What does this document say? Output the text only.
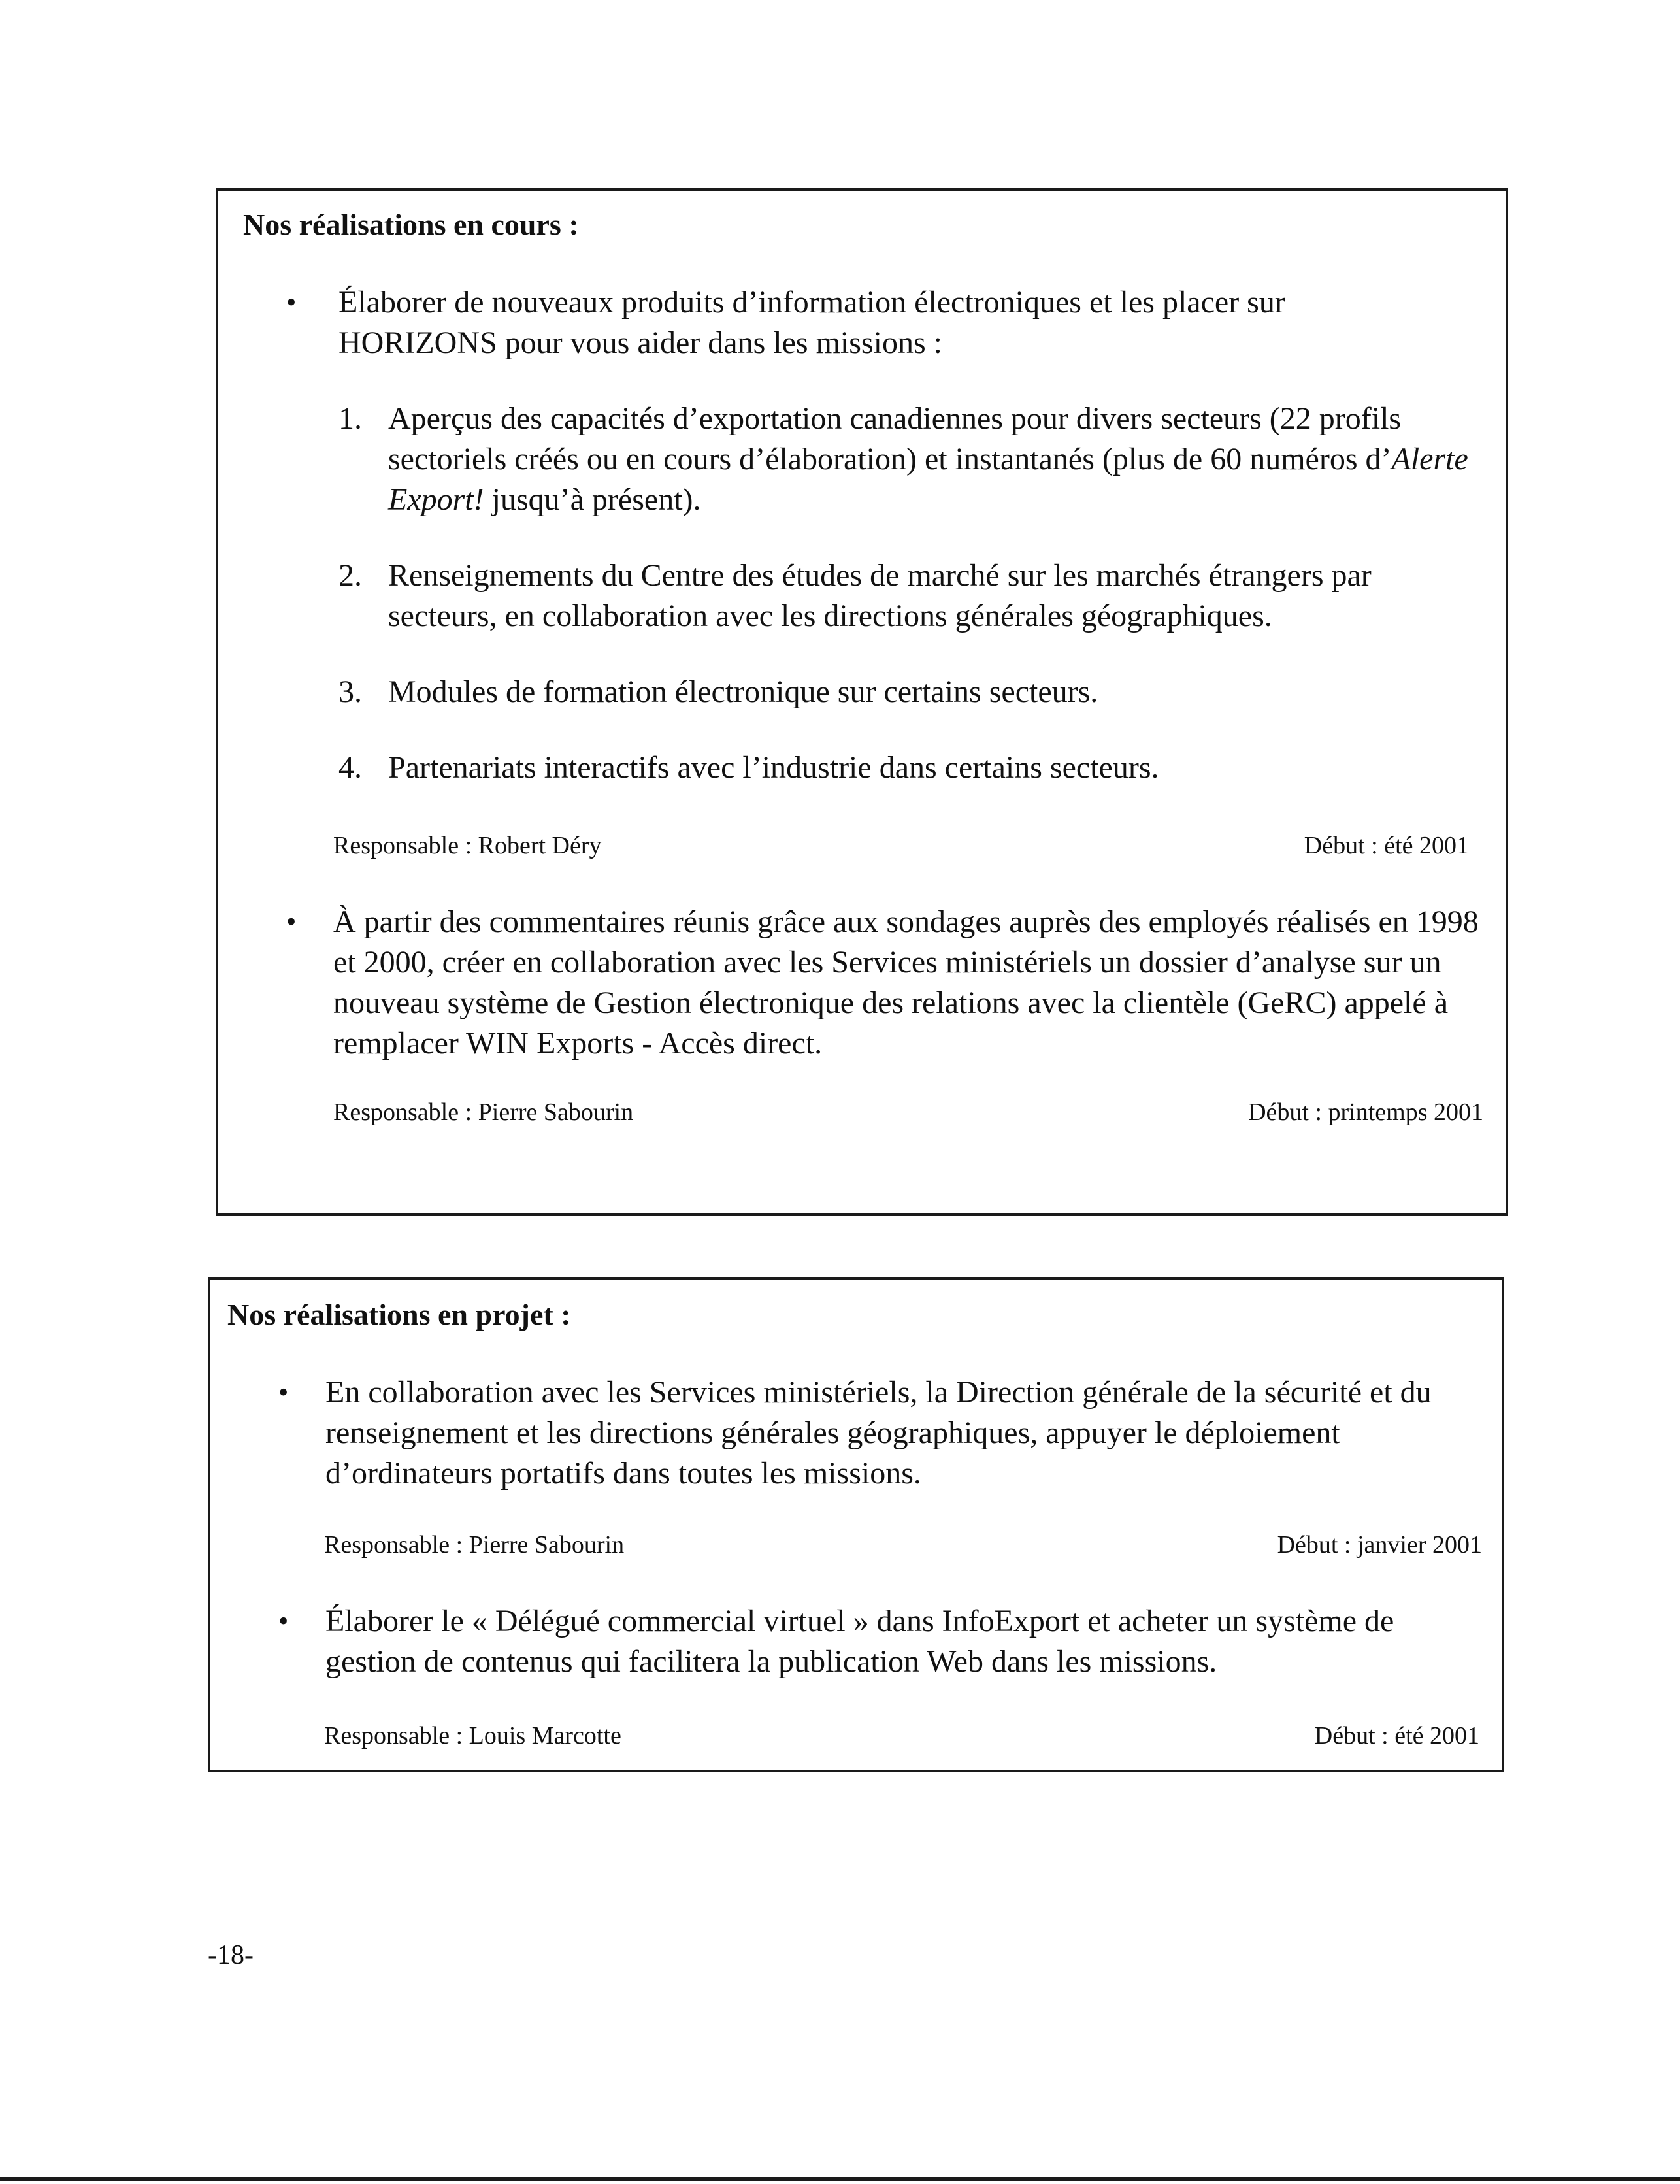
Nos réalisations en cours :
• Élaborer de nouveaux produits d’information électroniques et les placer sur HORIZONS pour vous aider dans les missions :
1. Aperçus des capacités d’exportation canadiennes pour divers secteurs (22 profils sectoriels créés ou en cours d’élaboration) et instantanés (plus de 60 numéros d’Alerte Export! jusqu’à présent).
2. Renseignements du Centre des études de marché sur les marchés étrangers par secteurs, en collaboration avec les directions générales géographiques.
3. Modules de formation électronique sur certains secteurs.
4. Partenariats interactifs avec l’industrie dans certains secteurs.
Responsable : Robert Déry	Début : été 2001
• À partir des commentaires réunis grâce aux sondages auprès des employés réalisés en 1998 et 2000, créer en collaboration avec les Services ministériels un dossier d’analyse sur un nouveau système de Gestion électronique des relations avec la clientèle (GeRC) appelé à remplacer WIN Exports - Accès direct.
Responsable : Pierre Sabourin	Début : printemps 2001
Nos réalisations en projet :
• En collaboration avec les Services ministériels, la Direction générale de la sécurité et du renseignement et les directions générales géographiques, appuyer le déploiement d’ordinateurs portatifs dans toutes les missions.
Responsable : Pierre Sabourin	Début : janvier 2001
• Élaborer le « Délégué commercial virtuel » dans InfoExport et acheter un système de gestion de contenus qui facilitera la publication Web dans les missions.
Responsable : Louis Marcotte	Début : été 2001
-18-
